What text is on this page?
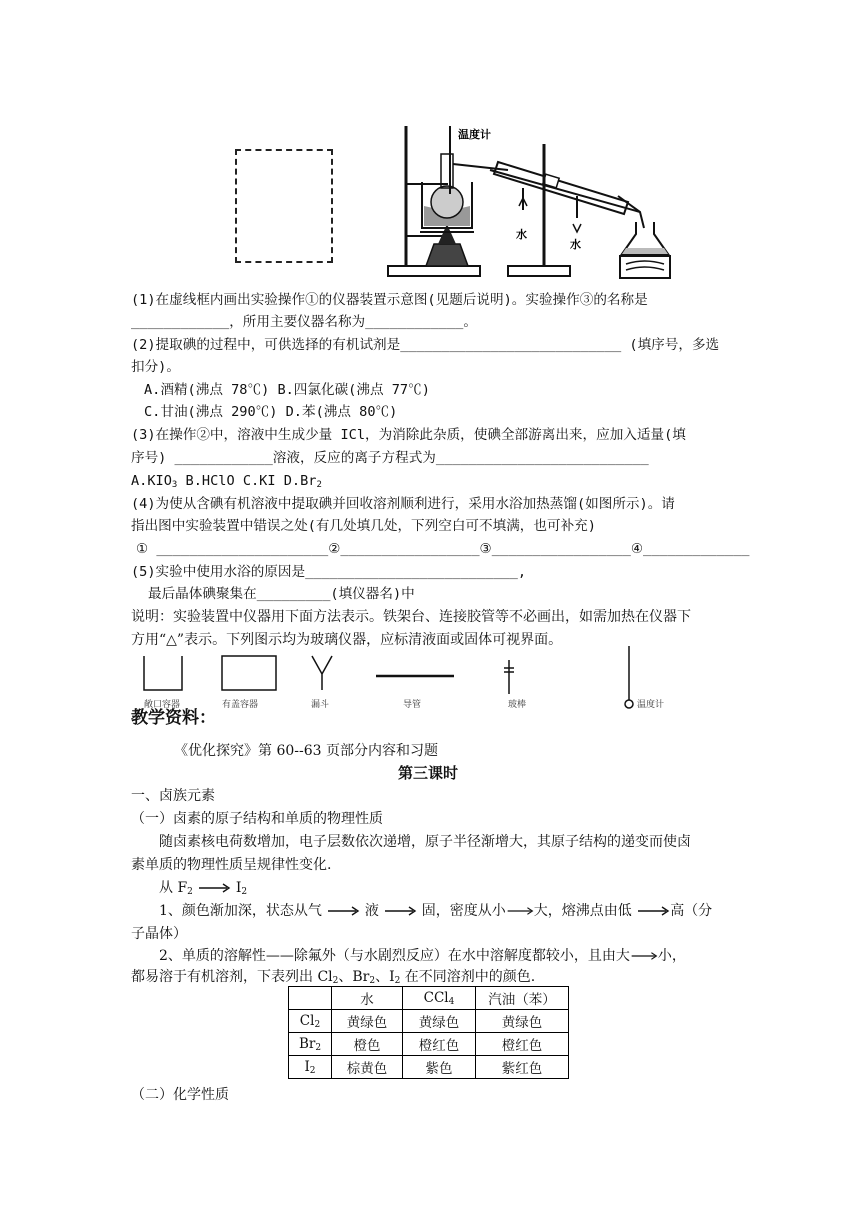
温度计
水
水
(1)在虚线框内画出实验操作①的仪器装置示意图(见题后说明)。实验操作③的名称是
____________，所用主要仪器名称为____________。
(2)提取碘的过程中，可供选择的有机试剂是___________________________ (填序号，多选
扣分)。
A.酒精(沸点 78℃) B.四氯化碳(沸点 77℃)
C.甘油(沸点 290℃) D.苯(沸点 80℃)
(3)在操作②中，溶液中生成少量 ICl，为消除此杂质，使碘全部游离出来，应加入适量(填
序号) ____________溶液，反应的离子方程式为__________________________
$A.KIO_3$ B.HClO C.KI $D.Br_2$
(4)为使从含碘有机溶液中提取碘并回收溶剂顺利进行，采用水浴加热蒸馏(如图所示)。请
指出图中实验装置中错误之处(有几处填几处，下列空白可不填满，也可补充)
① _____________________②_________________③_________________④_____________
(5)实验中使用水浴的原因是__________________________,
最后晶体碘聚集在_________(填仪器名)中
说明：实验装置中仪器用下面方法表示。铁架台、连接胶管等不必画出，如需加热在仪器下
方用“△”表示。下列图示均为玻璃仪器，应标清液面或固体可视界面。
敞口容器	有盖容器	漏斗	导管	玻棒	温度计
教学资料：
《优化探究》第 60--63 页部分内容和习题
第三课时
一、卤族元素
（一）卤素的原子结构和单质的物理性质
随卤素核电荷数增加，电子层数依次递增，原子半径渐增大，其原子结构的递变而使卤
素单质的物理性质呈规律性变化.
从 $F_2$	$I_2$
1、颜色渐加深，状态从气	液	固，密度从小 大，熔沸点由低	高（分
子晶体）
2、单质的溶解性——除氟外（与水剧烈反应）在水中溶解度都较小，且由大 小，
都易溶于有机溶剂，下表列出 $Cl_2$、$Br_2$、$I_2$ 在不同溶剂中的颜色.
	水	CCl$_4$	汽油（苯）
$Cl_2$	黄绿色	黄绿色	黄绿色
$Br_2$	橙色	橙红色	橙红色
$I_2$	棕黄色	紫色	紫红色
（二）化学性质
